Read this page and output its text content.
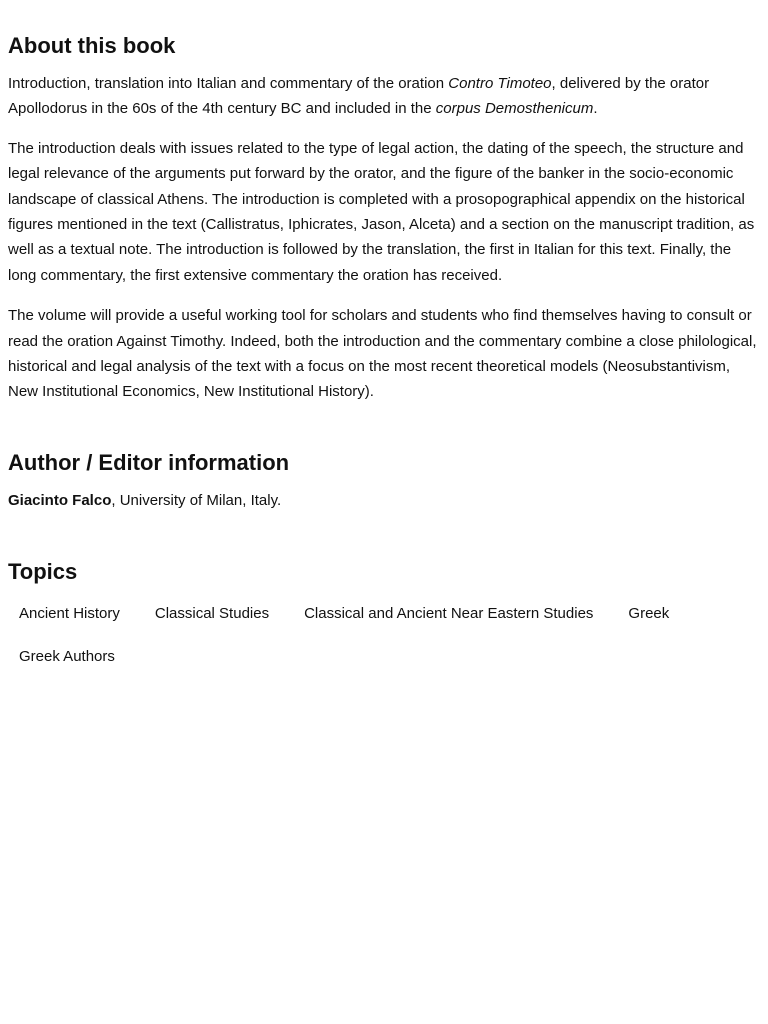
About this book

Introduction, translation into Italian and commentary of the oration Contro Timoteo, delivered by the orator Apollodorus in the 60s of the 4th century BC and included in the corpus Demosthenicum.

The introduction deals with issues related to the type of legal action, the dating of the speech, the structure and legal relevance of the arguments put forward by the orator, and the figure of the banker in the socio-economic landscape of classical Athens. The introduction is completed with a prosopographical appendix on the historical figures mentioned in the text (Callistratus, Iphicrates, Jason, Alceta) and a section on the manuscript tradition, as well as a textual note. The introduction is followed by the translation, the first in Italian for this text. Finally, the long commentary, the first extensive commentary the oration has received.

The volume will provide a useful working tool for scholars and students who find themselves having to consult or read the oration Against Timothy. Indeed, both the introduction and the commentary combine a close philological, historical and legal analysis of the text with a focus on the most recent theoretical models (Neosubstantivism, New Institutional Economics, New Institutional History).

Author / Editor information

Giacinto Falco, University of Milan, Italy.

Topics
Ancient History	Classical Studies	Classical and Ancient Near Eastern Studies	Greek
Greek Authors
